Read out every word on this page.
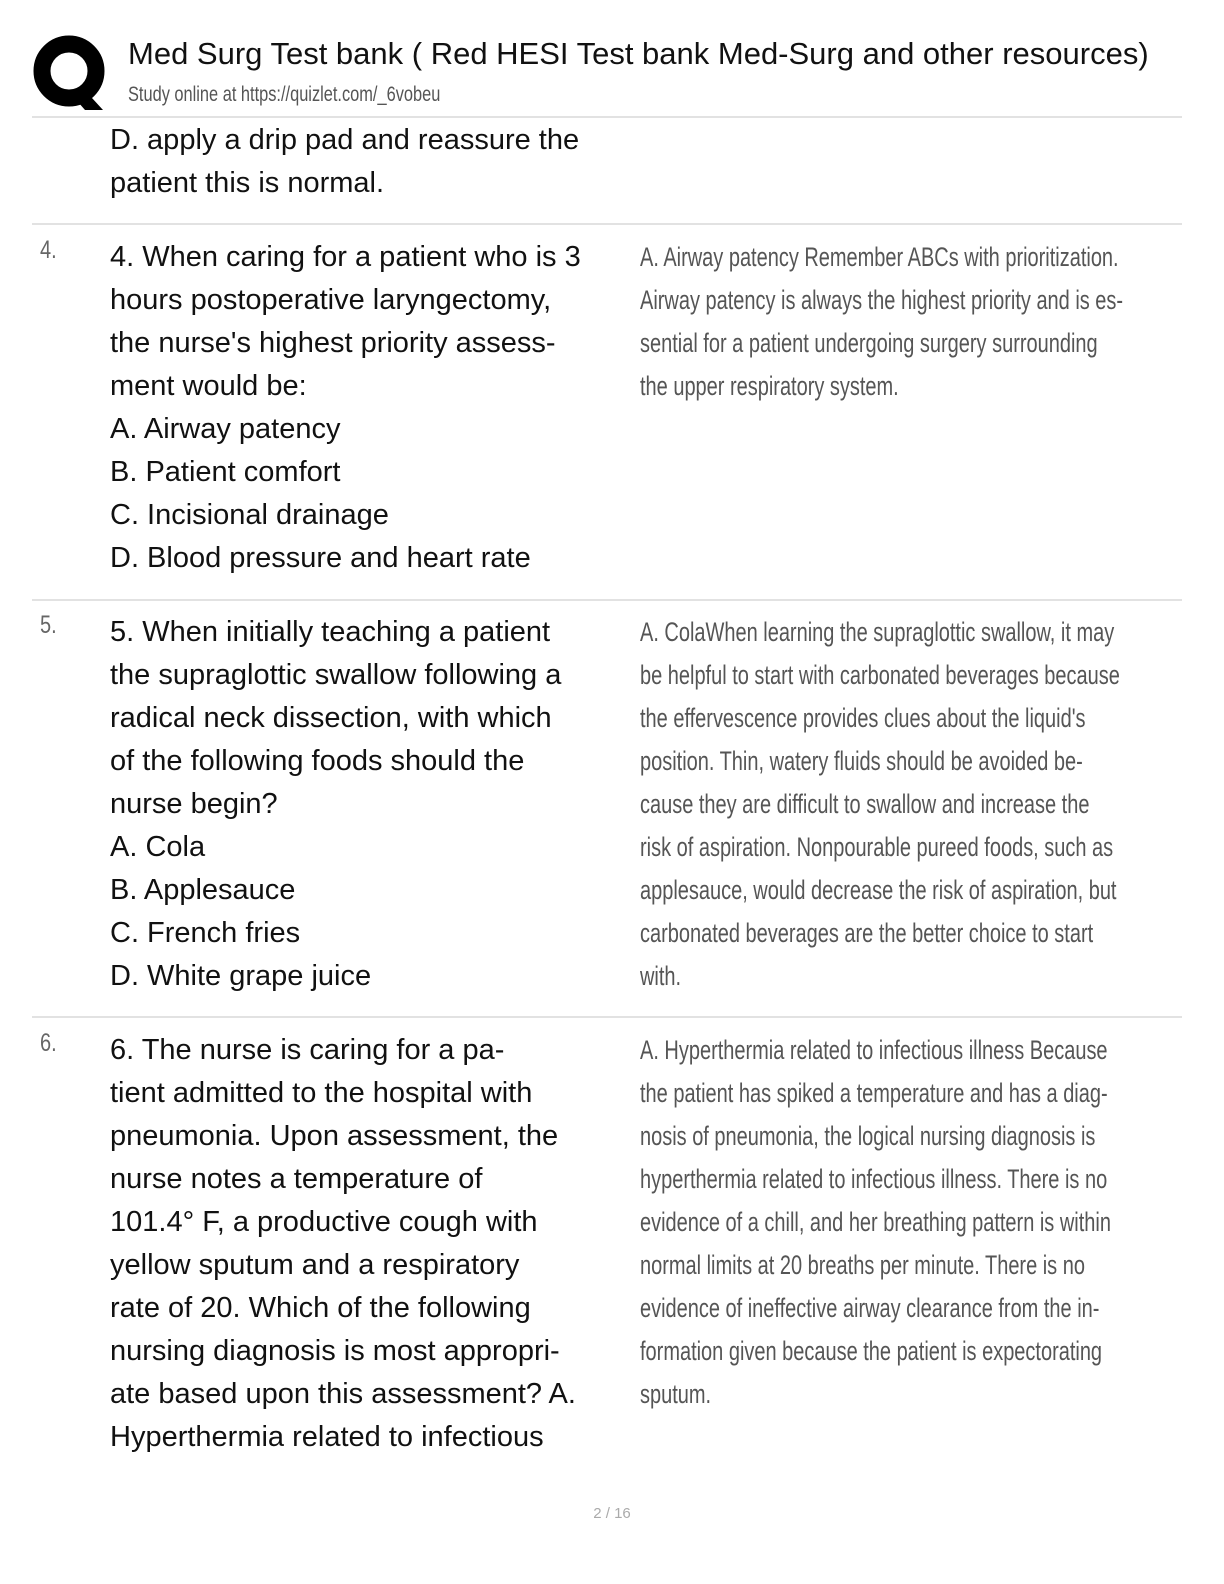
Med Surg Test bank ( Red HESI Test bank Med-Surg and other resources)
Study online at https://quizlet.com/_6vobeu
D. apply a drip pad and reassure the
patient this is normal.
4. 4. When caring for a patient who is 3
hours postoperative laryngectomy,
the nurse's highest priority assess-
ment would be:
A. Airway patency
B. Patient comfort
C. Incisional drainage
D. Blood pressure and heart rate
A. Airway patency Remember ABCs with prioritization.
Airway patency is always the highest priority and is es-
sential for a patient undergoing surgery surrounding
the upper respiratory system.
5. 5. When initially teaching a patient
the supraglottic swallow following a
radical neck dissection, with which
of the following foods should the
nurse begin?
A. Cola
B. Applesauce
C. French fries
D. White grape juice
A. ColaWhen learning the supraglottic swallow, it may
be helpful to start with carbonated beverages because
the effervescence provides clues about the liquid's
position. Thin, watery fluids should be avoided be-
cause they are difficult to swallow and increase the
risk of aspiration. Nonpourable pureed foods, such as
applesauce, would decrease the risk of aspiration, but
carbonated beverages are the better choice to start
with.
6. 6. The nurse is caring for a pa-
tient admitted to the hospital with
pneumonia. Upon assessment, the
nurse notes a temperature of
101.4° F, a productive cough with
yellow sputum and a respiratory
rate of 20. Which of the following
nursing diagnosis is most appropri-
ate based upon this assessment? A.
Hyperthermia related to infectious
A. Hyperthermia related to infectious illness Because
the patient has spiked a temperature and has a diag-
nosis of pneumonia, the logical nursing diagnosis is
hyperthermia related to infectious illness. There is no
evidence of a chill, and her breathing pattern is within
normal limits at 20 breaths per minute. There is no
evidence of ineffective airway clearance from the in-
formation given because the patient is expectorating
sputum.
2 / 16
